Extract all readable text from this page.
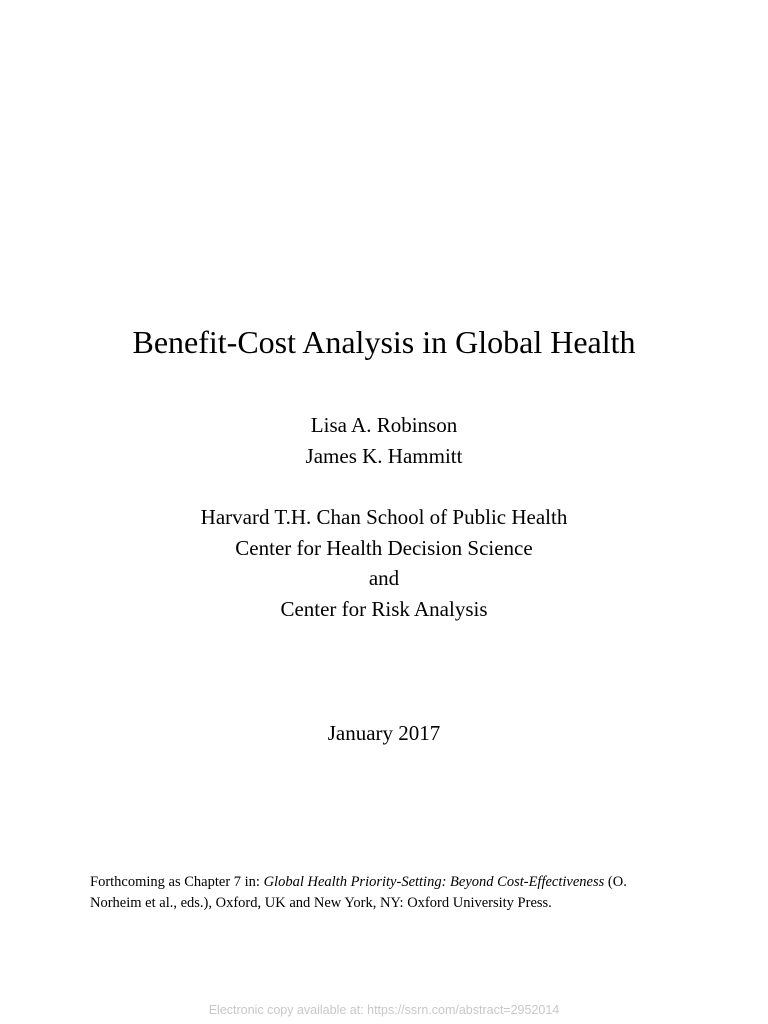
Benefit-Cost Analysis in Global Health
Lisa A. Robinson
James K. Hammitt
Harvard T.H. Chan School of Public Health
Center for Health Decision Science
and
Center for Risk Analysis
January 2017
Forthcoming as Chapter 7 in: Global Health Priority-Setting: Beyond Cost-Effectiveness (O.
Norheim et al., eds.), Oxford, UK and New York, NY: Oxford University Press.
Electronic copy available at: https://ssrn.com/abstract=2952014
